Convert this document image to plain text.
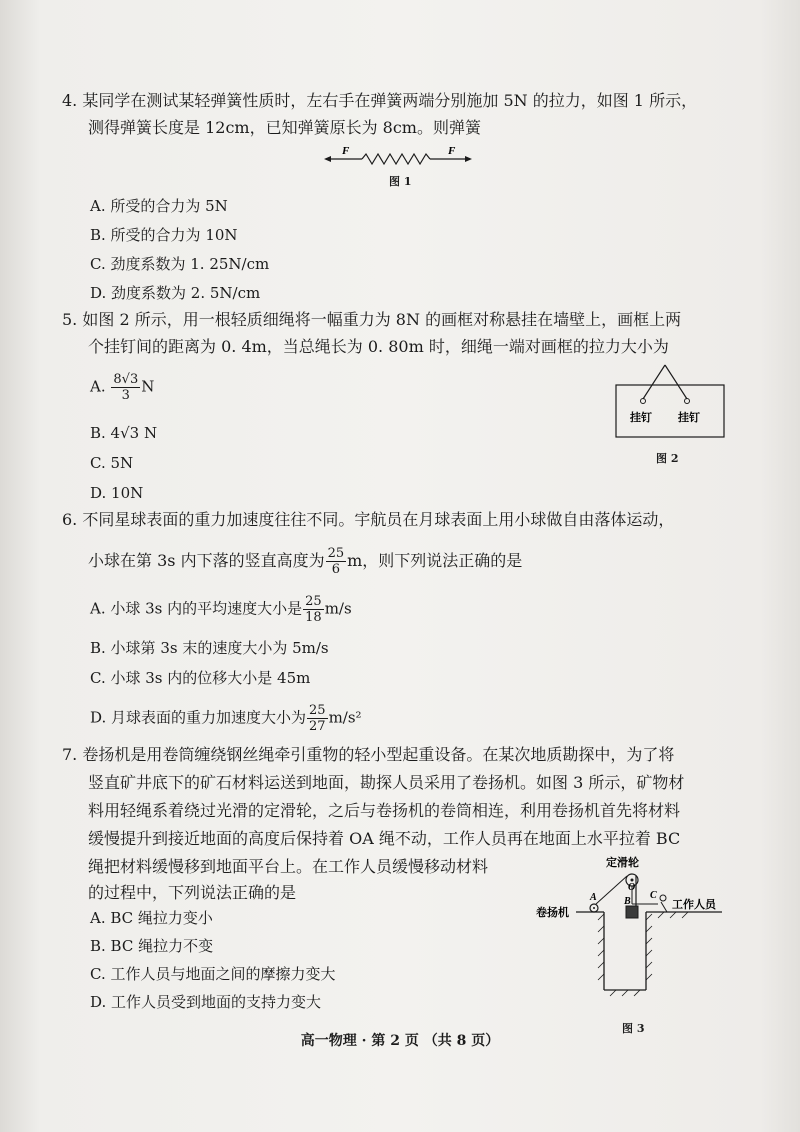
4. 某同学在测试某轻弹簧性质时，左右手在弹簧两端分别施加 5N 的拉力，如图 1 所示，
测得弹簧长度是 12cm，已知弹簧原长为 8cm。则弹簧
F	F
图 1
A. 所受的合力为 5N
B. 所受的合力为 10N
C. 劲度系数为 1. 25N/cm
D. 劲度系数为 2. 5N/cm
5. 如图 2 所示，用一根轻质细绳将一幅重力为 8N 的画框对称悬挂在墙壁上，画框上两
个挂钉间的距离为 0. 4m，当总绳长为 0. 80m 时，细绳一端对画框的拉力大小为
A. $\frac{8√3}{3}$ N
B. 4√3 N
C. 5N
D. 10N
挂钉 挂钉
图 2
6. 不同星球表面的重力加速度往往不同。宇航员在月球表面上用小球做自由落体运动，
小球在第 3s 内下落的竖直高度为 $\frac{25}{6}$ m，则下列说法正确的是
A. 小球 3s 内的平均速度大小是 $\frac{25}{18} m/s$
B. 小球第 3s 末的速度大小为 5m/s
C. 小球 3s 内的位移大小是 45m
D. 月球表面的重力加速度大小为 $\frac{25}{27} m/s^2$
7. 卷扬机是用卷筒缠绕钢丝绳牵引重物的轻小型起重设备。在某次地质勘探中，为了将
竖直矿井底下的矿石材料运送到地面，勘探人员采用了卷扬机。如图 3 所示，矿物材
料用轻绳系着绕过光滑的定滑轮，之后与卷扬机的卷筒相连，利用卷扬机首先将材料
缓慢提升到接近地面的高度后保持着 OA 绳不动，工作人员再在地面上水平拉着 BC
绳把材料缓慢移到地面平台上。在工作人员缓慢移动材料
的过程中，下列说法正确的是
A. BC 绳拉力变小
B. BC 绳拉力不变
C. 工作人员与地面之间的摩擦力变大
D. 工作人员受到地面的支持力变大
定滑轮
O
A	B
C
卷扬机
工作人员
图 3
高一物理 · 第 2 页 （共 8 页）
